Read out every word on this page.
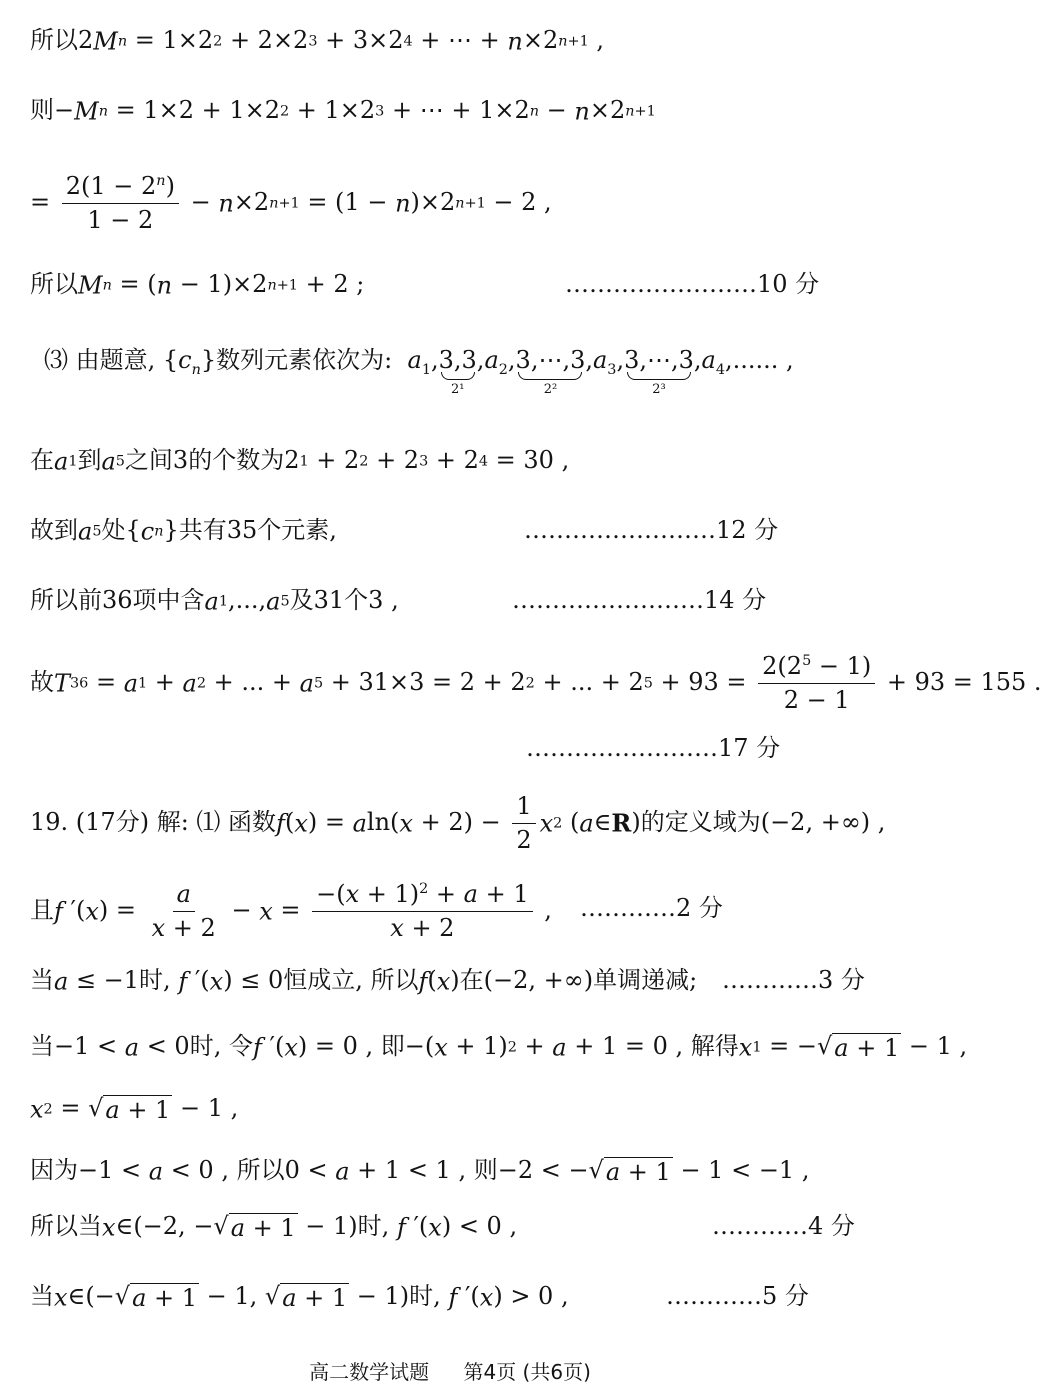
所以2Mn = 1×22 + 2×23 + 3×24 + ⋯ + n×2n+1 ,
则−Mn = 1×2 + 1×22 + 1×23 + ⋯ + 1×2n − n×2n+1
= $\frac{2(1 - 2^n)}{1 - 2} - n\times 2n+1 = (1 - n)\times 2n+1 - 2$ ,
所以Mn = (n − 1)×2n+1 + 2 ;	……………………10 分
⑶ 由题意, $\{c_n\}$数列元素依次为:  $a_1$, 3,3
2¹
$,a_2$, 3,⋯,3
2²
$,a_3$, 3,⋯,3
2³
$,a_4$,...... ,
在a1到a5之间3的个数为21 + 22 + 23 + 24 = 30 ,
故到a5处{cn}共有35个元素,	……………………12 分
所以前36项中含a1,...,a5及31个3 ,	……………………14 分
故T36 = a1 + a2 + ... + a5 + 31×3 = 2 + 22 + ... + $25 + 93 = \frac{2(2^5 - 1)}{2 - 1} + 93 = 155$ .
……………………17 分
19. (17分) 解: ⑴ 函数$f(x) = aln(x + 2) - \frac{1}{2} x2$ (a∈R)的定义域为(−2, +∞) ,
且f $'(x) = \frac{a}{x + 2} - x = \frac{-(x + 1)^2 + a + 1}{x + 2}$ , …………2 分
当a ≤ −1时, f ′(x) ≤ 0恒成立, 所以f(x)在(−2, +∞)单调递减; …………3 分
当−1 < a < 0时, 令f ′(x) = 0 , 即−(x + 1)2 + a + 1 = 0 , 解得x1 = −√a + 1 − 1 ,
x2 = √a + 1 − 1 ,
因为−1 < a < 0 , 所以0 < a + 1 < 1 , 则−2 < −√a + 1 − 1 < −1 ,
所以当x∈(−2, −√a + 1 − 1)时, f ′(x) < 0 ,	…………4 分
当x∈(−√a + 1 − 1, √a + 1 − 1)时, f ′(x) > 0 ,	…………5 分
高二数学试题 第4页 (共6页)
